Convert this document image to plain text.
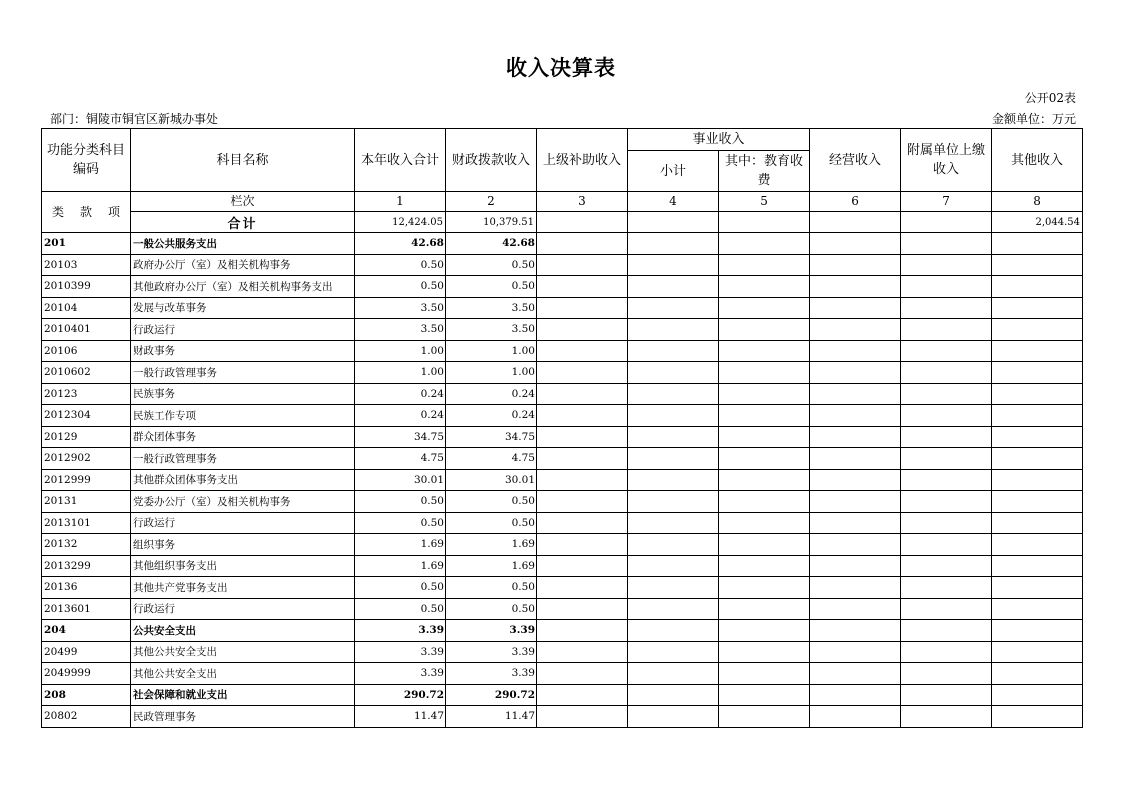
收入决算表
公开02表
部门：铜陵市铜官区新城办事处	金额单位：万元
功能分类科目编码	科目名称	本年收入合计	财政拨款收入	上级补助收入	事业收入		经营收入	附属单位上缴收入	其他收入
					小计	其中：教育收费			
类 款 项	栏次	1	2	3	4	5	6	7	8
	合计	12,424.05	10,379.51						2,044.54
201	一般公共服务支出	42.68	42.68						
20103	政府办公厅（室）及相关机构事务	0.50	0.50						
2010399	其他政府办公厅（室）及相关机构事务支出	0.50	0.50						
20104	发展与改革事务	3.50	3.50						
2010401	行政运行	3.50	3.50						
20106	财政事务	1.00	1.00						
2010602	一般行政管理事务	1.00	1.00						
20123	民族事务	0.24	0.24						
2012304	民族工作专项	0.24	0.24						
20129	群众团体事务	34.75	34.75						
2012902	一般行政管理事务	4.75	4.75						
2012999	其他群众团体事务支出	30.01	30.01						
20131	党委办公厅（室）及相关机构事务	0.50	0.50						
2013101	行政运行	0.50	0.50						
20132	组织事务	1.69	1.69						
2013299	其他组织事务支出	1.69	1.69						
20136	其他共产党事务支出	0.50	0.50						
2013601	行政运行	0.50	0.50						
204	公共安全支出	3.39	3.39						
20499	其他公共安全支出	3.39	3.39						
2049999	其他公共安全支出	3.39	3.39						
208	社会保障和就业支出	290.72	290.72						
20802	民政管理事务	11.47	11.47						
